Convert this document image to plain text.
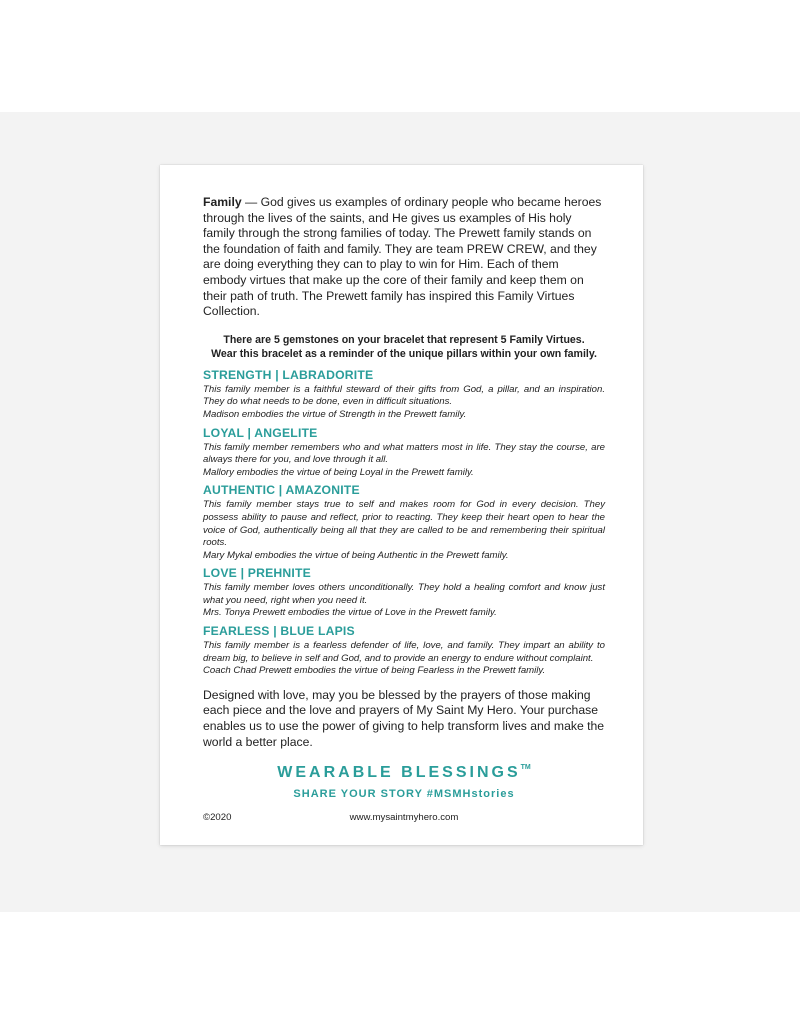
Family — God gives us examples of ordinary people who became heroes through the lives of the saints, and He gives us examples of His holy family through the strong families of today. The Prewett family stands on the foundation of faith and family. They are team PREW CREW, and they are doing everything they can to play to win for Him. Each of them embody virtues that make up the core of their family and keep them on their path of truth. The Prewett family has inspired this Family Virtues Collection.

There are 5 gemstones on your bracelet that represent 5 Family Virtues.
Wear this bracelet as a reminder of the unique pillars within your own family.
STRENGTH | LABRADORITE

This family member is a faithful steward of their gifts from God, a pillar, and an inspiration. They do what needs to be done, even in difficult situations.

Madison embodies the virtue of Strength in the Prewett family.

LOYAL | ANGELITE

This family member remembers who and what matters most in life. They stay the course, are always there for you, and love through it all.

Mallory embodies the virtue of being Loyal in the Prewett family.

AUTHENTIC | AMAZONITE

This family member stays true to self and makes room for God in every decision. They possess ability to pause and reflect, prior to reacting. They keep their heart open to hear the voice of God, authentically being all that they are called to be and remembering their spiritual roots.

Mary Mykal embodies the virtue of being Authentic in the Prewett family.

LOVE | PREHNITE

This family member loves others unconditionally. They hold a healing comfort and know just what you need, right when you need it.

Mrs. Tonya Prewett embodies the virtue of Love in the Prewett family.

FEARLESS | BLUE LAPIS

This family member is a fearless defender of life, love, and family. They impart an ability to dream big, to believe in self and God, and to provide an energy to endure without complaint.

Coach Chad Prewett embodies the virtue of being Fearless in the Prewett family.

Designed with love, may you be blessed by the prayers of those making each piece and the love and prayers of My Saint My Hero. Your purchase enables us to use the power of giving to help transform lives and make the world a better place.

WEARABLE BLESSINGS™
SHARE YOUR STORY #MSMHstories
©2020	www.mysaintmyhero.com
